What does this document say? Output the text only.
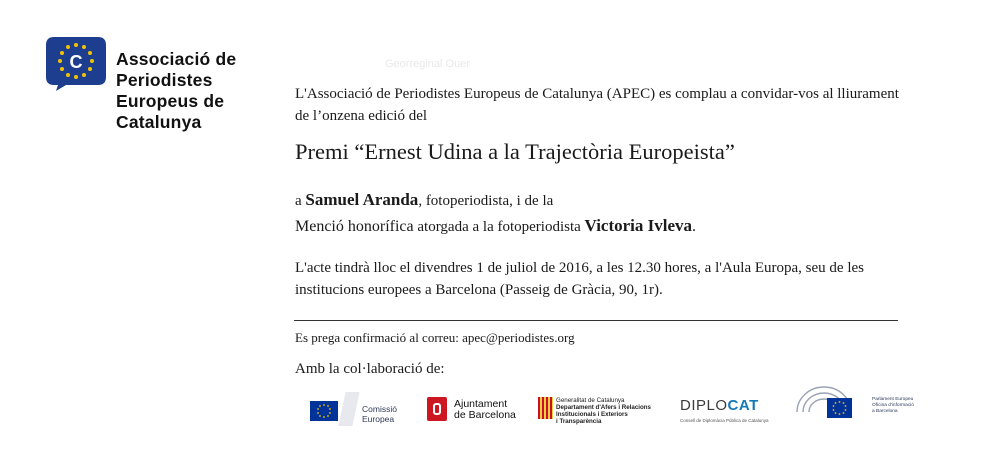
C Associació de
Periodistes
Europeus de
Catalunya
Georreginal Ouer
L'Associació de Periodistes Europeus de Catalunya (APEC) es complau a convidar-vos al lliurament de l’onzena edició del
Premi “Ernest Udina a la Trajectòria Europeista”
a Samuel Aranda, fotoperiodista, i de la
Menció honorífica atorgada a la fotoperiodista Victoria Ivleva.
L'acte tindrà lloc el divendres 1 de juliol de 2016, a les 12.30 hores, a l'Aula Europa, seu de les institucions europees a Barcelona (Passeig de Gràcia, 90, 1r).
Es prega confirmació al correu: apec@periodistes.org
Amb la col·laboració de:
Comissió
Europea
Ajuntament
de Barcelona
Generalitat de Catalunya
Departament d'Afers i Relacions
Institucionals i Exteriors
i Transparència
DIPLOCAT
Consell de Diplomàcia Pública de Catalunya
Parlament Europeu
Oficina d'informació
a Barcelona
